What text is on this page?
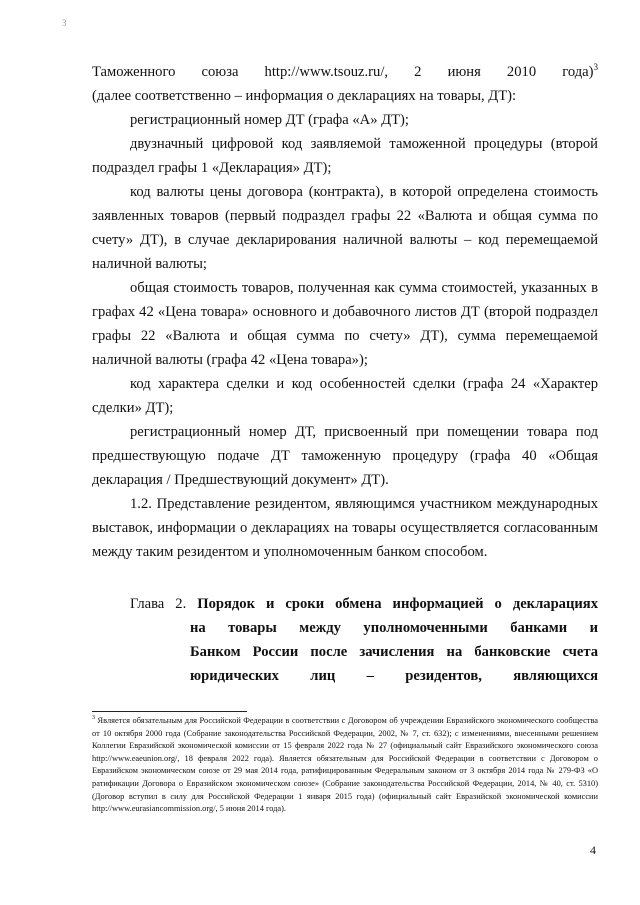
3

Таможенного союза http://www.tsouz.ru/, 2 июня 2010 года)$^3$

(далее соответственно – информация о декларациях на товары, ДТ):

регистрационный номер ДТ (графа «А» ДТ);

двузначный цифровой код заявляемой таможенной процедуры (второй подраздел графы 1 «Декларация» ДТ);

код валюты цены договора (контракта), в которой определена стоимость заявленных товаров (первый подраздел графы 22 «Валюта и общая сумма по счету» ДТ), в случае декларирования наличной валюты – код перемещаемой наличной валюты;

общая стоимость товаров, полученная как сумма стоимостей, указанных в графах 42 «Цена товара» основного и добавочного листов ДТ (второй подраздел графы 22 «Валюта и общая сумма по счету» ДТ), сумма перемещаемой наличной валюты (графа 42 «Цена товара»);

код характера сделки и код особенностей сделки (графа 24 «Характер сделки» ДТ);

регистрационный номер ДТ, присвоенный при помещении товара под предшествующую подаче ДТ таможенную процедуру (графа 40 «Общая декларация / Предшествующий документ» ДТ).

1.2. Представление резидентом, являющимся участником международных выставок, информации о декларациях на товары осуществляется согласованным между таким резидентом и уполномоченным банком способом.

Глава 2. Порядок и сроки обмена информацией о декларациях
на товары между уполномоченными банками и
Банком России после зачисления на банковские счета
юридических лиц – резидентов, являющихся
$^3$ Является обязательным для Российской Федерации в соответствии с Договором об учреждении Евразийского экономического сообщества от 10 октября 2000 года (Собрание законодательства Российской Федерации, 2002, № 7, ст. 632); с изменениями, внесенными решением Коллегии Евразийской экономической комиссии от 15 февраля 2022 года № 27 (официальный сайт Евразийского экономического союза http://www.eaeunion.org/, 18 февраля 2022 года). Является обязательным для Российской Федерации в соответствии с Договором о Евразийском экономическом союзе от 29 мая 2014 года, ратифицированным Федеральным законом от 3 октября 2014 года № 279-ФЗ «О ратификации Договора о Евразийском экономическом союзе» (Собрание законодательства Российской Федерации, 2014, № 40, ст. 5310) (Договор вступил в силу для Российской Федерации 1 января 2015 года) (официальный сайт Евразийской экономической комиссии http://www.eurasiancommission.org/, 5 июня 2014 года).
4
